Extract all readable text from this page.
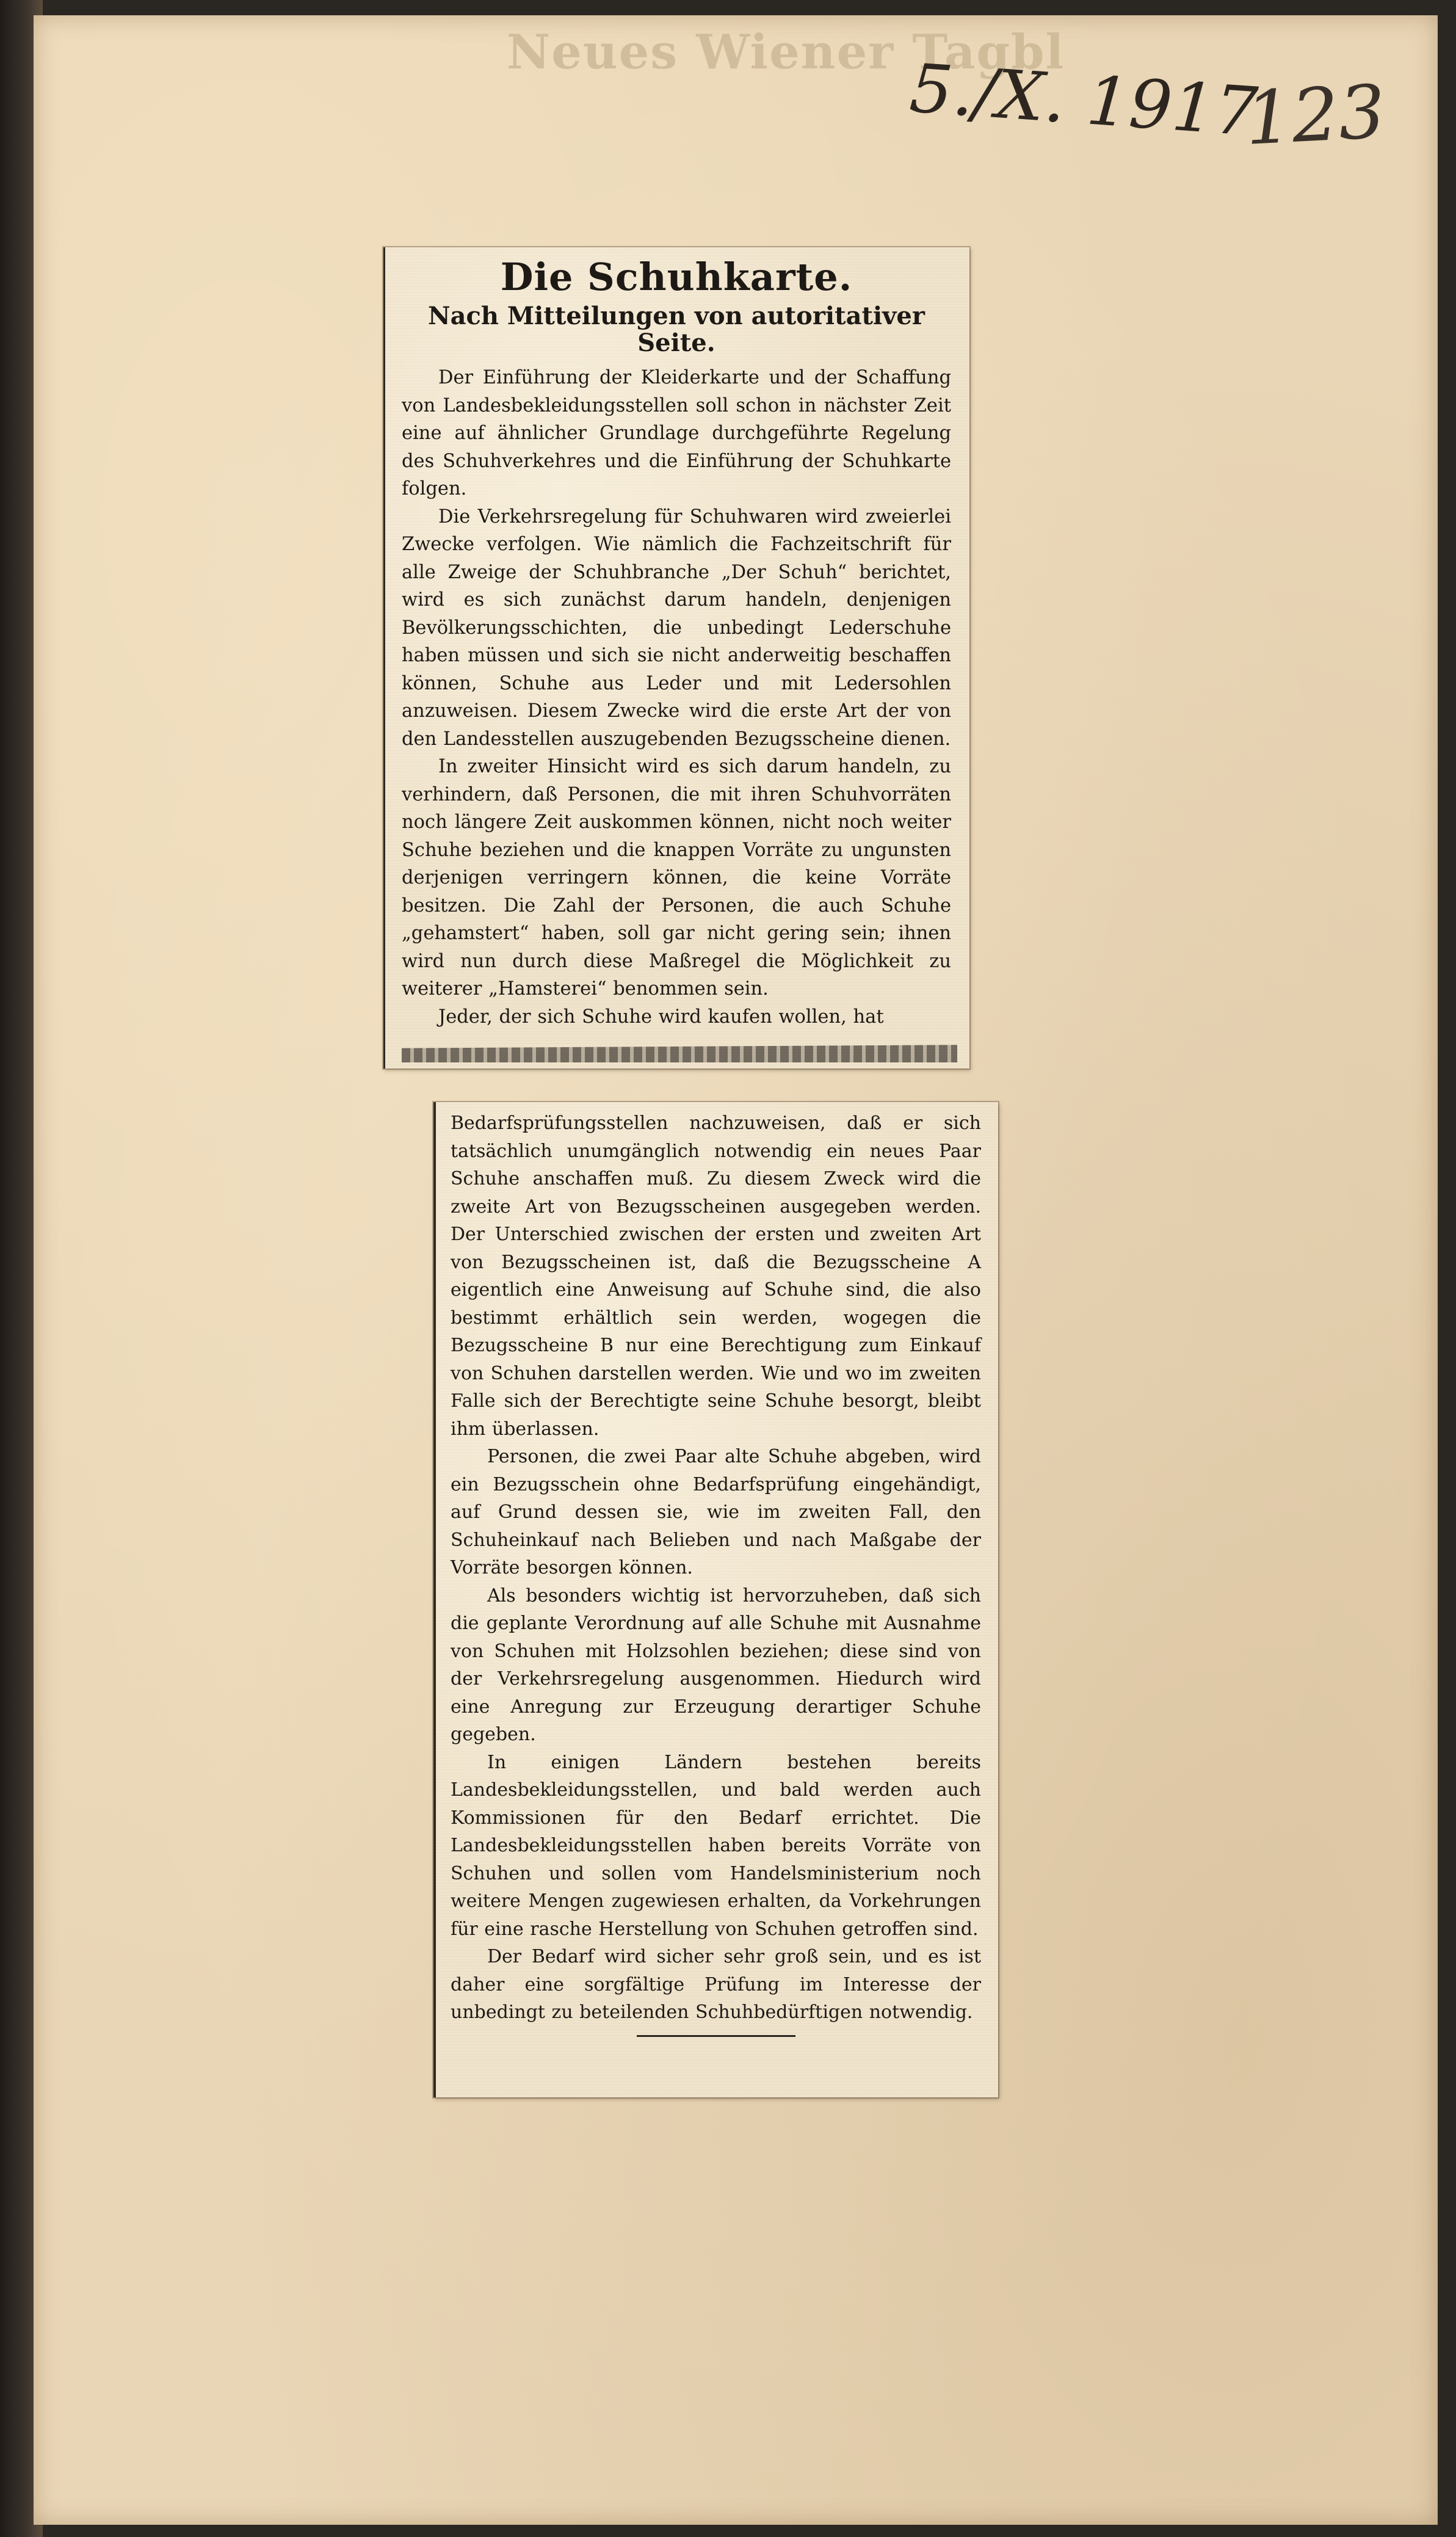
Neues Wiener Tagbl
5./X. 1917
123
Die Schuhkarte.
Nach Mitteilungen von autoritativer Seite.

Der Einführung der Kleiderkarte und der Schaffung von Landesbekleidungsstellen soll schon in nächster Zeit eine auf ähnlicher Grundlage durchgeführte Regelung des Schuhverkehres und die Einführung der Schuhkarte folgen.

Die Verkehrsregelung für Schuhwaren wird zweierlei Zwecke verfolgen. Wie nämlich die Fachzeitschrift für alle Zweige der Schuhbranche „Der Schuh“ berichtet, wird es sich zunächst darum handeln, denjenigen Bevölkerungsschichten, die unbedingt Lederschuhe haben müssen und sich sie nicht anderweitig beschaffen können, Schuhe aus Leder und mit Ledersohlen anzuweisen. Diesem Zwecke wird die erste Art der von den Landesstellen auszugebenden Bezugsscheine dienen.

In zweiter Hinsicht wird es sich darum handeln, zu verhindern, daß Personen, die mit ihren Schuhvorräten noch längere Zeit auskommen können, nicht noch weiter Schuhe beziehen und die knappen Vorräte zu ungunsten derjenigen verringern können, die keine Vorräte besitzen. Die Zahl der Personen, die auch Schuhe „gehamstert“ haben, soll gar nicht gering sein; ihnen wird nun durch diese Maßregel die Möglichkeit zu weiterer „Hamsterei“ benommen sein.

Jeder, der sich Schuhe wird kaufen wollen, hat

Bedarfsprüfungsstellen nachzuweisen, daß er sich tatsächlich unumgänglich notwendig ein neues Paar Schuhe anschaffen muß. Zu diesem Zweck wird die zweite Art von Bezugsscheinen ausgegeben werden. Der Unterschied zwischen der ersten und zweiten Art von Bezugsscheinen ist, daß die Bezugsscheine A eigentlich eine Anweisung auf Schuhe sind, die also bestimmt erhältlich sein werden, wogegen die Bezugsscheine B nur eine Berechtigung zum Einkauf von Schuhen darstellen werden. Wie und wo im zweiten Falle sich der Berechtigte seine Schuhe besorgt, bleibt ihm überlassen.

Personen, die zwei Paar alte Schuhe abgeben, wird ein Bezugsschein ohne Bedarfsprüfung eingehändigt, auf Grund dessen sie, wie im zweiten Fall, den Schuheinkauf nach Belieben und nach Maßgabe der Vorräte besorgen können.

Als besonders wichtig ist hervorzuheben, daß sich die geplante Verordnung auf alle Schuhe mit Ausnahme von Schuhen mit Holzsohlen beziehen; diese sind von der Verkehrsregelung ausgenommen. Hiedurch wird eine Anregung zur Erzeugung derartiger Schuhe gegeben.

In einigen Ländern bestehen bereits Landesbekleidungsstellen, und bald werden auch Kommissionen für den Bedarf errichtet. Die Landesbekleidungsstellen haben bereits Vorräte von Schuhen und sollen vom Handelsministerium noch weitere Mengen zugewiesen erhalten, da Vorkehrungen für eine rasche Herstellung von Schuhen getroffen sind.

Der Bedarf wird sicher sehr groß sein, und es ist daher eine sorgfältige Prüfung im Interesse der unbedingt zu beteilenden Schuhbedürftigen notwendig.
